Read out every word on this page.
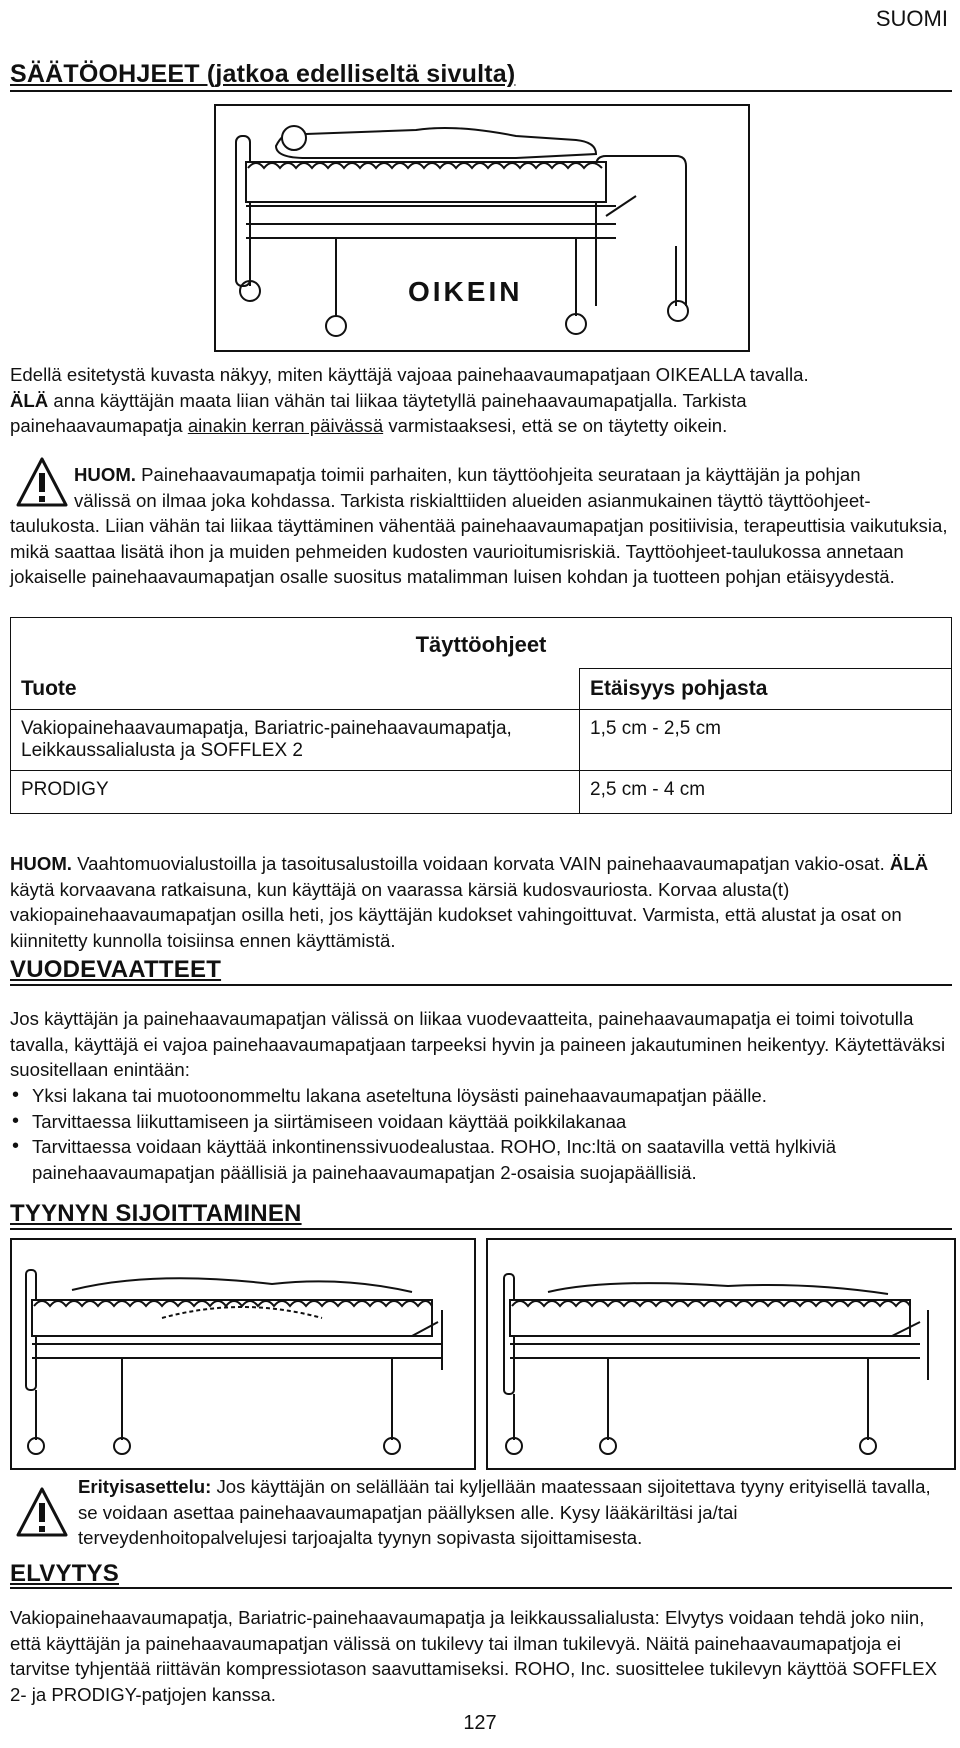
SUOMI
SÄÄTÖOHJEET (jatkoa edelliseltä sivulta)
OIKEIN
Edellä esitetystä kuvasta näkyy, miten käyttäjä vajoaa painehaavaumapatjaan OIKEALLA tavalla.
ÄLÄ anna käyttäjän maata liian vähän tai liikaa täytetyllä painehaavaumapatjalla. Tarkista
painehaavaumapatja ainakin kerran päivässä varmistaaksesi, että se on täytetty oikein.
HUOM. Painehaavaumapatja toimii parhaiten, kun täyttöohjeita seurataan ja käyttäjän ja pohjan
välissä on ilmaa joka kohdassa. Tarkista riskialttiiden alueiden asianmukainen täyttö täyttöohjeet-
taulukosta. Liian vähän tai liikaa täyttäminen vähentää painehaavaumapatjan positiivisia, terapeuttisia vaikutuksia, mikä saattaa lisätä ihon ja muiden pehmeiden kudosten vaurioitumisriskiä. Tayttöohjeet-taulukossa annetaan jokaiselle painehaavaumapatjan osalle suositus matalimman luisen kohdan ja tuotteen pohjan etäisyydestä.
Täyttöohjeet	
Tuote	Etäisyys pohjasta
Vakiopainehaavaumapatja, Bariatric-painehaavaumapatja, Leikkaussalialusta ja SOFFLEX 2	1,5 cm - 2,5 cm
PRODIGY	2,5 cm - 4 cm
HUOM. Vaahtomuovialustoilla ja tasoitusalustoilla voidaan korvata VAIN painehaavaumapatjan vakio-osat. ÄLÄ käytä korvaavana ratkaisuna, kun käyttäjä on vaarassa kärsiä kudosvauriosta. Korvaa alusta(t) vakiopainehaavaumapatjan osilla heti, jos käyttäjän kudokset vahingoittuvat. Varmista, että alustat ja osat on kiinnitetty kunnolla toisiinsa ennen käyttämistä.
VUODEVAATTEET
Jos käyttäjän ja painehaavaumapatjan välissä on liikaa vuodevaatteita, painehaavaumapatja ei toimi toivotulla tavalla, käyttäjä ei vajoa painehaavaumapatjaan tarpeeksi hyvin ja paineen jakautuminen heikentyy. Käytettäväksi suositellaan enintään:
• Yksi lakana tai muotoonommeltu lakana aseteltuna löysästi painehaavaumapatjan päälle.
• Tarvittaessa liikuttamiseen ja siirtämiseen voidaan käyttää poikkilakanaa
• Tarvittaessa voidaan käyttää inkontinenssivuodealustaa. ROHO, Inc:ltä on saatavilla vettä hylkiviä painehaavaumapatjan päällisiä ja painehaavaumapatjan 2-osaisia suojapäällisiä.
TYYNYN SIJOITTAMINEN
Erityisasettelu: Jos käyttäjän on selällään tai kyljellään maatessaan sijoitettava tyyny erityisellä tavalla, se voidaan asettaa painehaavaumapatjan päällyksen alle. Kysy lääkäriltäsi ja/tai terveydenhoitopalvelujesi tarjoajalta tyynyn sopivasta sijoittamisesta.
ELVYTYS
Vakiopainehaavaumapatja, Bariatric-painehaavaumapatja ja leikkaussalialusta: Elvytys voidaan tehdä joko niin, että käyttäjän ja painehaavaumapatjan välissä on tukilevy tai ilman tukilevyä. Näitä painehaavaumapatjoja ei tarvitse tyhjentää riittävän kompressiotason saavuttamiseksi. ROHO, Inc. suosittelee tukilevyn käyttöä SOFFLEX 2- ja PRODIGY-patjojen kanssa.
127
